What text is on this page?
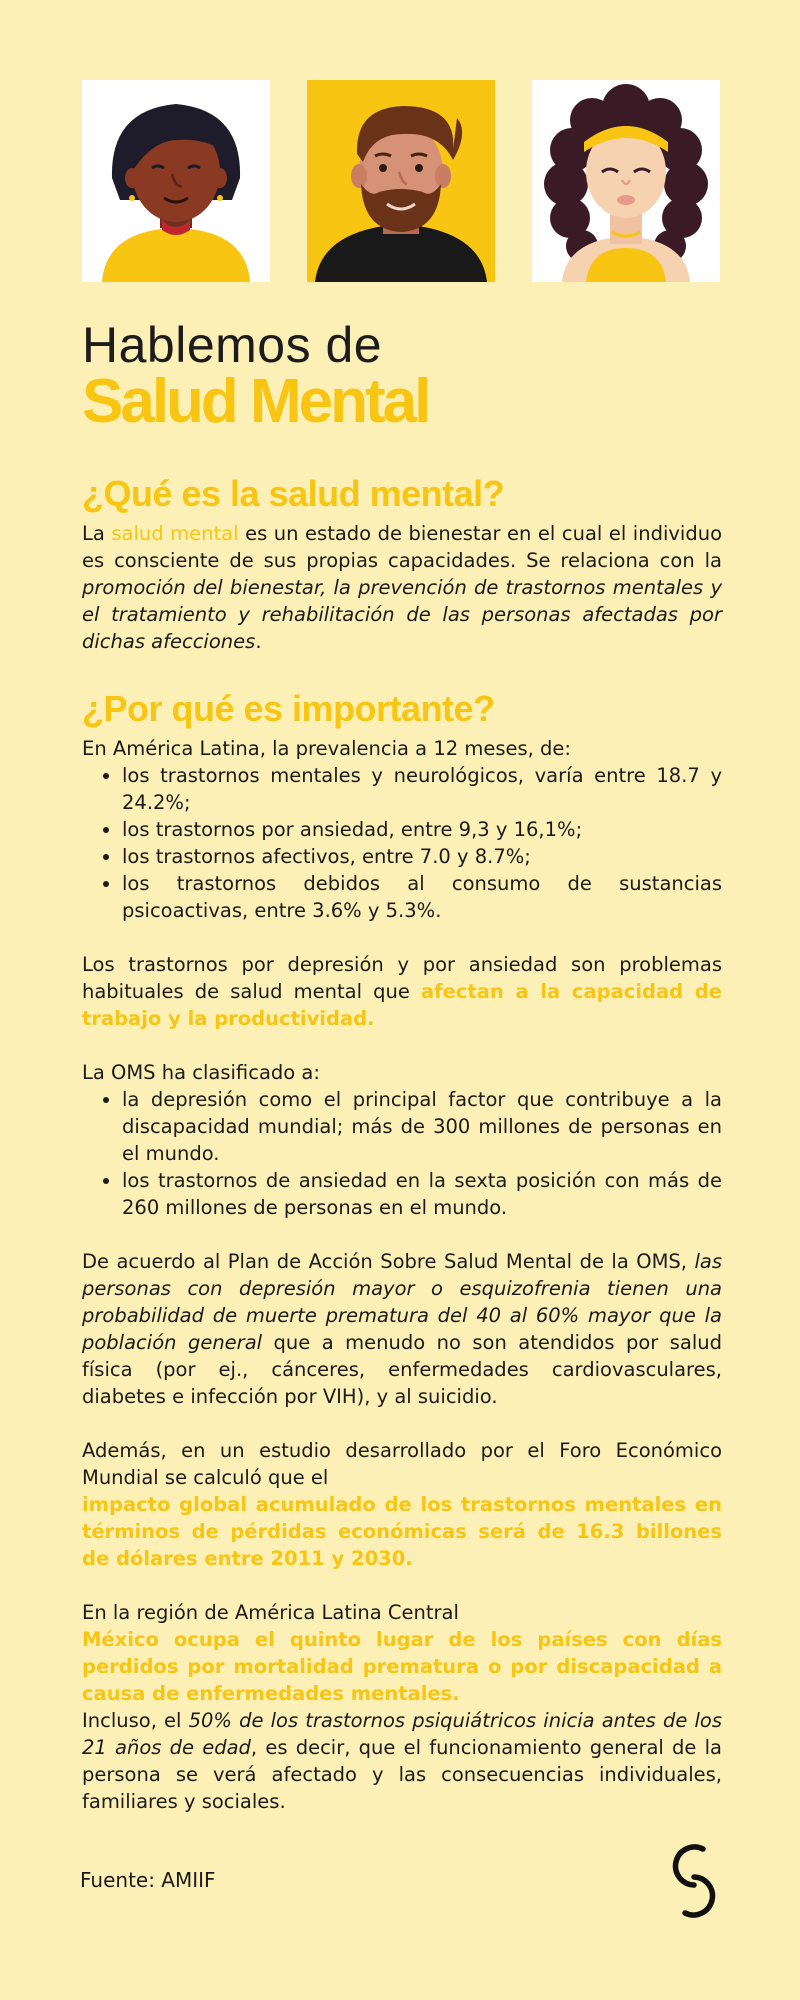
Hablemos de
Salud Mental
¿Qué es la salud mental?

La salud mental es un estado de bienestar en el cual el individuo es consciente de sus propias capacidades. Se relaciona con la promoción del bienestar, la prevención de trastornos mentales y el tratamiento y rehabilitación de las personas afectadas por dichas afecciones.

¿Por qué es importante?

En América Latina, la prevalencia a 12 meses, de:

• los trastornos mentales y neurológicos, varía entre 18.7 y 24.2%;
• los trastornos por ansiedad, entre 9,3 y 16,1%;
• los trastornos afectivos, entre 7.0 y 8.7%;
• los trastornos debidos al consumo de sustancias psicoactivas, entre 3.6% y 5.3%.

Los trastornos por depresión y por ansiedad son problemas habituales de salud mental que afectan a la capacidad de trabajo y la productividad.

La OMS ha clasificado a:

• la depresión como el principal factor que contribuye a la discapacidad mundial; más de 300 millones de personas en el mundo.
• los trastornos de ansiedad en la sexta posición con más de 260 millones de personas en el mundo.

De acuerdo al Plan de Acción Sobre Salud Mental de la OMS, las personas con depresión mayor o esquizofrenia tienen una probabilidad de muerte prematura del 40 al 60% mayor que la población general que a menudo no son atendidos por salud física (por ej., cánceres, enfermedades cardiovasculares, diabetes e infección por VIH), y al suicidio.

Además, en un estudio desarrollado por el Foro Económico Mundial se calculó que el

impacto global acumulado de los trastornos mentales en términos de pérdidas económicas será de 16.3 billones de dólares entre 2011 y 2030.

En la región de América Latina Central

México ocupa el quinto lugar de los países con días perdidos por mortalidad prematura o por discapacidad a causa de enfermedades mentales.

Incluso, el 50% de los trastornos psiquiátricos inicia antes de los 21 años de edad, es decir, que el funcionamiento general de la persona se verá afectado y las consecuencias individuales, familiares y sociales.

Fuente: AMIIF
